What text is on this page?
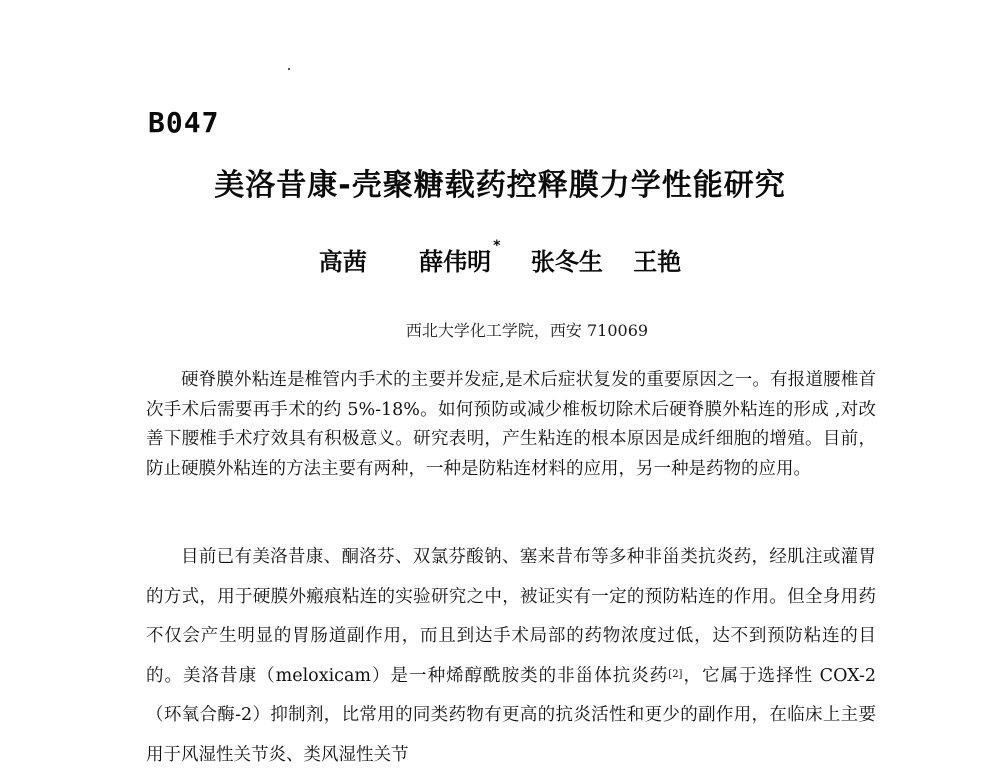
B047
美洛昔康-壳聚糖载药控释膜力学性能研究
高茜 薛伟明* 张冬生 王艳
西北大学化工学院，西安 710069

硬脊膜外粘连是椎管内手术的主要并发症,是术后症状复发的重要原因之一。有报道腰椎首次手术后需要再手术的约 5%-18%。如何预防或减少椎板切除术后硬脊膜外粘连的形成 ,对改善下腰椎手术疗效具有积极意义。研究表明，产生粘连的根本原因是成纤细胞的增殖。目前，防止硬膜外粘连的方法主要有两种，一种是防粘连材料的应用，另一种是药物的应用。

目前已有美洛昔康、酮洛芬、双氯芬酸钠、塞来昔布等多种非甾类抗炎药，经肌注或灌胃的方式，用于硬膜外瘢痕粘连的实验研究之中，被证实有一定的预防粘连的作用。但全身用药不仅会产生明显的胃肠道副作用，而且到达手术局部的药物浓度过低，达不到预防粘连的目的。美洛昔康（meloxicam）是一种烯醇酰胺类的非甾体抗炎药[2]，它属于选择性 COX-2（环氧合酶-2）抑制剂，比常用的同类药物有更高的抗炎活性和更少的副作用，在临床上主要用于风湿性关节炎、类风湿性关节
